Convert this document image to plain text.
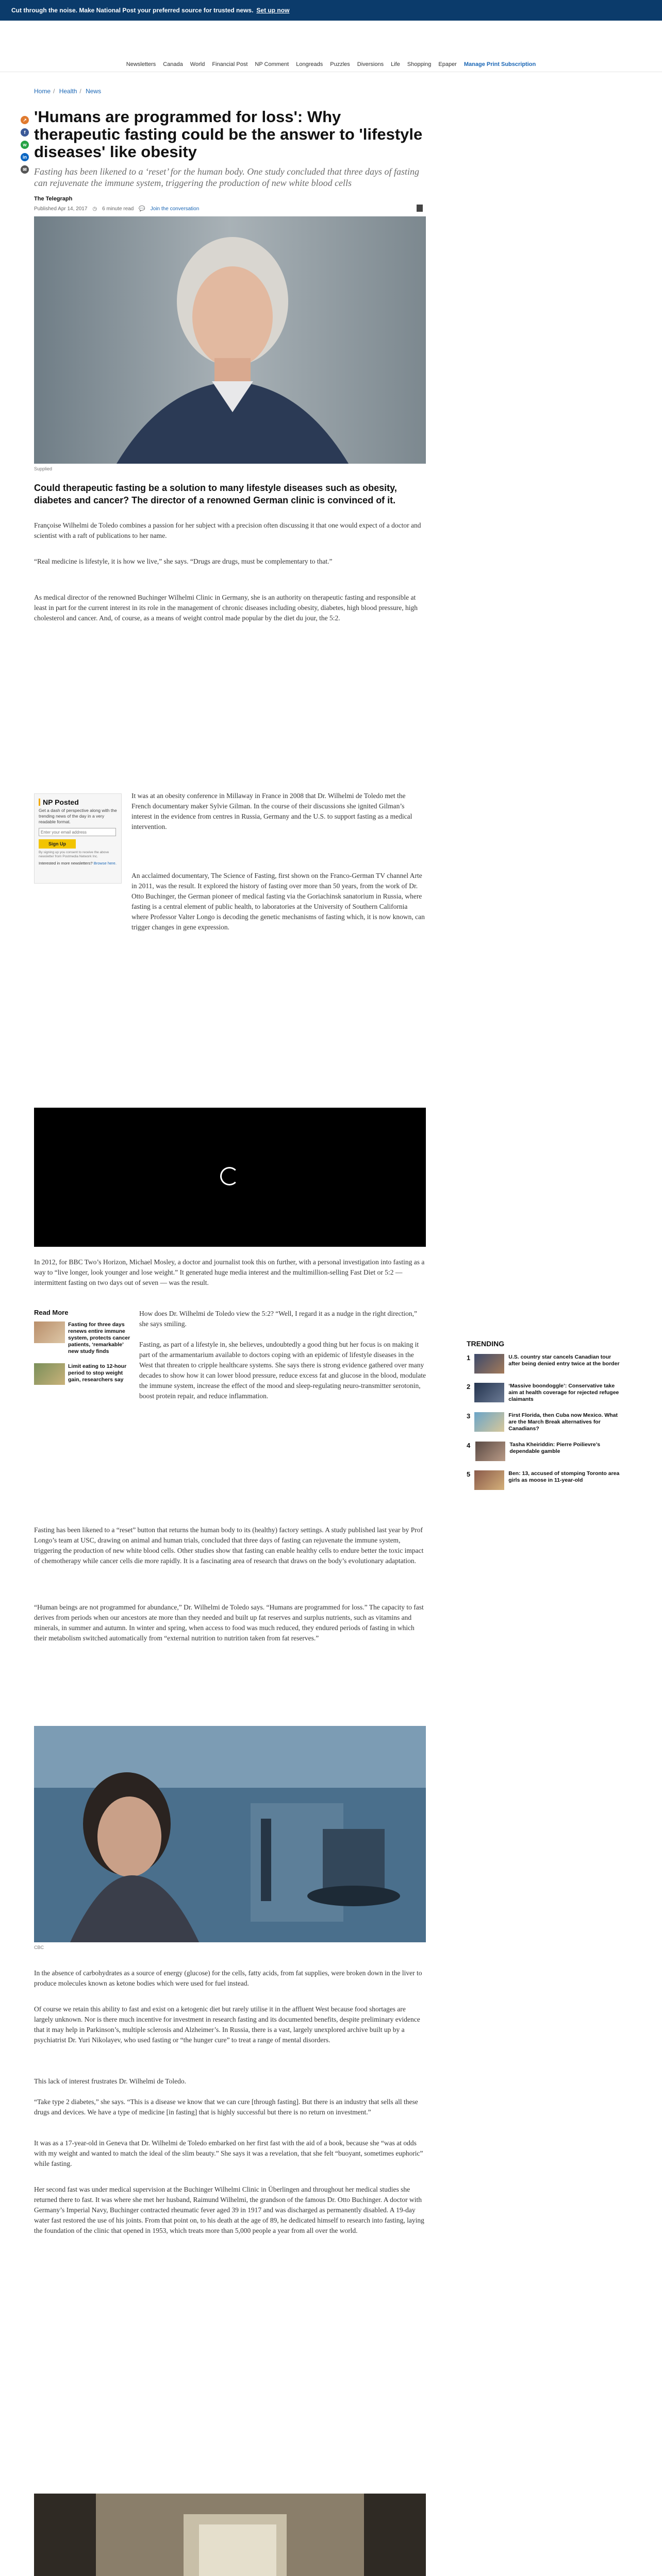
Cut through the noise. Make National Post your preferred source for trusted news. Set up now
Newsletters Canada World Financial Post NP Comment Longreads Puzzles Diversions Life Shopping Epaper Manage Print Subscription
Home / Health / News
↗
f
w
in
✉
'Humans are programmed for loss': Why therapeutic fasting could be the answer to 'lifestyle diseases' like obesity

Fasting has been likened to a ‘reset’ for the human body. One study concluded that three days of fasting can rejuvenate the immune system, triggering the production of new white blood cells

The Telegraph
Published Apr 14, 2017 ◷ 6 minute read 💬 Join the conversation
Supplied

Could therapeutic fasting be a solution to many lifestyle diseases such as obesity, diabetes and cancer? The director of a renowned German clinic is convinced of it.

Françoise Wilhelmi de Toledo combines a passion for her subject with a precision often discussing it that one would expect of a doctor and scientist with a raft of publications to her name.

“Real medicine is lifestyle, it is how we live,” she says. “Drugs are drugs, must be complementary to that.”

As medical director of the renowned Buchinger Wilhelmi Clinic in Germany, she is an authority on therapeutic fasting and responsible at least in part for the current interest in its role in the management of chronic diseases including obesity, diabetes, high blood pressure, high cholesterol and cancer. And, of course, as a means of weight control made popular by the diet du jour, the 5:2.

NP Posted
Get a dash of perspective along with the trending news of the day in a very readable format.
Enter your email address
Sign Up
By signing up you consent to receive the above newsletter from Postmedia Network Inc.
Interested in more newsletters? Browse here.

It was at an obesity conference in Millaway in France in 2008 that Dr. Wilhelmi de Toledo met the French documentary maker Sylvie Gilman. In the course of their discussions she ignited Gilman’s interest in the evidence from centres in Russia, Germany and the U.S. to support fasting as a medical intervention.

An acclaimed documentary, The Science of Fasting, first shown on the Franco-German TV channel Arte in 2011, was the result. It explored the history of fasting over more than 50 years, from the work of Dr. Otto Buchinger, the German pioneer of medical fasting via the Goriachinsk sanatorium in Russia, where fasting is a central element of public health, to laboratories at the University of Southern California where Professor Valter Longo is decoding the genetic mechanisms of fasting which, it is now known, can trigger changes in gene expression.

In 2012, for BBC Two’s Horizon, Michael Mosley, a doctor and journalist took this on further, with a personal investigation into fasting as a way to “live longer, look younger and lose weight.” It generated huge media interest and the multimillion-selling Fast Diet or 5:2 — intermittent fasting on two days out of seven — was the result.

Read More
Fasting for three days renews entire immune system, protects cancer patients, ‘remarkable’ new study finds
Limit eating to 12-hour period to stop weight gain, researchers say

How does Dr. Wilhelmi de Toledo view the 5:2? “Well, I regard it as a nudge in the right direction,” she says smiling.

Fasting, as part of a lifestyle in, she believes, undoubtedly a good thing but her focus is on making it part of the armamentarium available to doctors coping with an epidemic of lifestyle diseases in the West that threaten to cripple healthcare systems. She says there is strong evidence gathered over many decades to show how it can lower blood pressure, reduce excess fat and glucose in the blood, modulate the immune system, increase the effect of the mood and sleep-regulating neuro-transmitter serotonin, boost protein repair, and reduce inflammation.

TRENDING
1	U.S. country star cancels Canadian tour after being denied entry twice at the border
2	‘Massive boondoggle’: Conservative take aim at health coverage for rejected refugee claimants
3	First Florida, then Cuba now Mexico. What are the March Break alternatives for Canadians?
4	Tasha Kheiriddin: Pierre Poilievre’s dependable gamble
5	Ben: 13, accused of stomping Toronto area girls as moose in 11-year-old

Fasting has been likened to a “reset” button that returns the human body to its (healthy) factory settings. A study published last year by Prof Longo’s team at USC, drawing on animal and human trials, concluded that three days of fasting can rejuvenate the immune system, triggering the production of new white blood cells. Other studies show that fasting can enable healthy cells to endure better the toxic impact of chemotherapy while cancer cells die more rapidly. It is a fascinating area of research that draws on the body’s evolutionary adaptation.

“Human beings are not programmed for abundance,” Dr. Wilhelmi de Toledo says. “Humans are programmed for loss.” The capacity to fast derives from periods when our ancestors ate more than they needed and built up fat reserves and surplus nutrients, such as vitamins and minerals, in summer and autumn. In winter and spring, when access to food was much reduced, they endured periods of fasting in which their metabolism switched automatically from “external nutrition to nutrition taken from fat reserves.”

CBC

In the absence of carbohydrates as a source of energy (glucose) for the cells, fatty acids, from fat supplies, were broken down in the liver to produce molecules known as ketone bodies which were used for fuel instead.

Of course we retain this ability to fast and exist on a ketogenic diet but rarely utilise it in the affluent West because food shortages are largely unknown. Nor is there much incentive for investment in research fasting and its documented benefits, despite preliminary evidence that it may help in Parkinson’s, multiple sclerosis and Alzheimer’s. In Russia, there is a vast, largely unexplored archive built up by a psychiatrist Dr. Yuri Nikolayev, who used fasting or “the hunger cure” to treat a range of mental disorders.

This lack of interest frustrates Dr. Wilhelmi de Toledo.

“Take type 2 diabetes,” she says. “This is a disease we know that we can cure [through fasting]. But there is an industry that sells all these drugs and devices. We have a type of medicine [in fasting] that is highly successful but there is no return on investment.”

It was as a 17-year-old in Geneva that Dr. Wilhelmi de Toledo embarked on her first fast with the aid of a book, because she “was at odds with my weight and wanted to match the ideal of the slim beauty.” She says it was a revelation, that she felt “buoyant, sometimes euphoric” while fasting.

Her second fast was under medical supervision at the Buchinger Wilhelmi Clinic in Überlingen and throughout her medical studies she returned there to fast. It was where she met her husband, Raimund Wilhelmi, the grandson of the famous Dr. Otto Buchinger. A doctor with Germany’s Imperial Navy, Buchinger contracted rheumatic fever aged 39 in 1917 and was discharged as permanently disabled. A 19-day water fast restored the use of his joints. From that point on, to his death at the age of 89, he dedicated himself to research into fasting, laying the foundation of the clinic that opened in 1953, which treats more than 5,000 people a year from all over the world.
